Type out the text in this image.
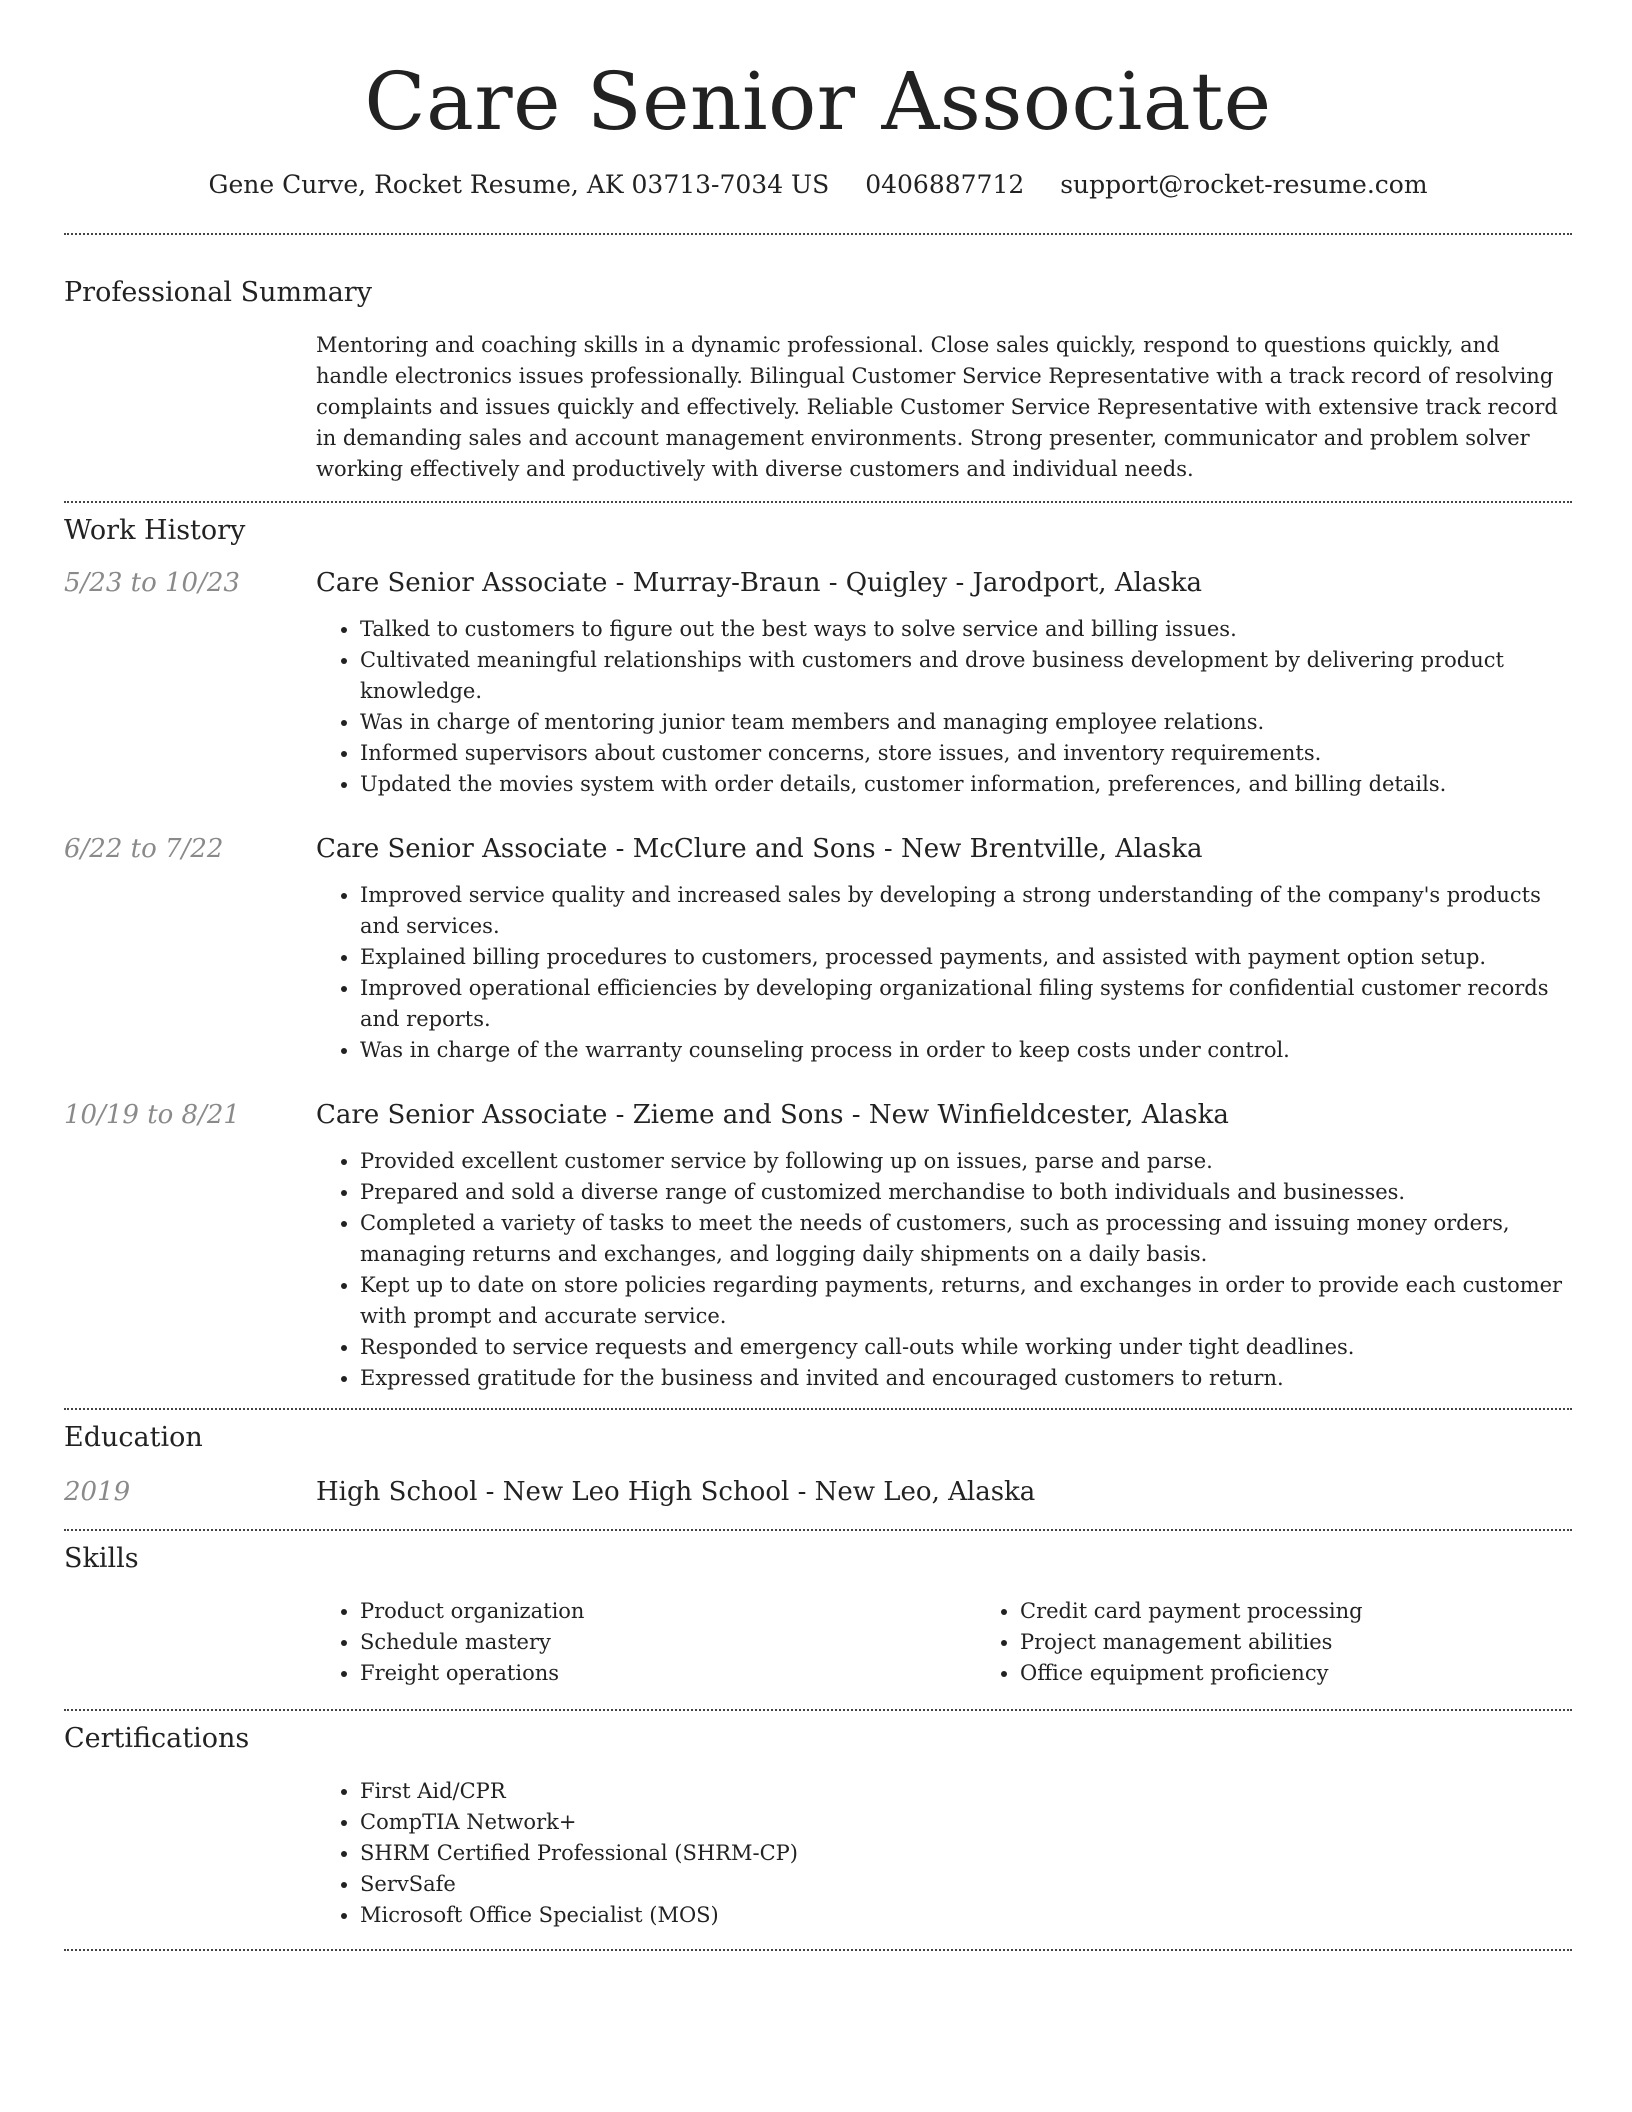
Care Senior Associate
Gene Curve, Rocket Resume, AK 03713-7034 US 0406887712 support@rocket-resume.com
Professional Summary
Mentoring and coaching skills in a dynamic professional. Close sales quickly, respond to questions quickly, and handle electronics issues professionally. Bilingual Customer Service Representative with a track record of resolving complaints and issues quickly and effectively. Reliable Customer Service Representative with extensive track record in demanding sales and account management environments. Strong presenter, communicator and problem solver working effectively and productively with diverse customers and individual needs.
Work History
5/23 to 10/23	Care Senior Associate - Murray-Braun - Quigley - Jarodport, Alaska
• Talked to customers to figure out the best ways to solve service and billing issues.
• Cultivated meaningful relationships with customers and drove business development by delivering product knowledge.
• Was in charge of mentoring junior team members and managing employee relations.
• Informed supervisors about customer concerns, store issues, and inventory requirements.
• Updated the movies system with order details, customer information, preferences, and billing details.
6/22 to 7/22	Care Senior Associate - McClure and Sons - New Brentville, Alaska
• Improved service quality and increased sales by developing a strong understanding of the company's products and services.
• Explained billing procedures to customers, processed payments, and assisted with payment option setup.
• Improved operational efficiencies by developing organizational filing systems for confidential customer records and reports.
• Was in charge of the warranty counseling process in order to keep costs under control.
10/19 to 8/21	Care Senior Associate - Zieme and Sons - New Winfieldcester, Alaska
• Provided excellent customer service by following up on issues, parse and parse.
• Prepared and sold a diverse range of customized merchandise to both individuals and businesses.
• Completed a variety of tasks to meet the needs of customers, such as processing and issuing money orders, managing returns and exchanges, and logging daily shipments on a daily basis.
• Kept up to date on store policies regarding payments, returns, and exchanges in order to provide each customer with prompt and accurate service.
• Responded to service requests and emergency call-outs while working under tight deadlines.
• Expressed gratitude for the business and invited and encouraged customers to return.
Education
2019	High School - New Leo High School - New Leo, Alaska
Skills
• Product organization
• Schedule mastery
• Freight operations
• Credit card payment processing
• Project management abilities
• Office equipment proficiency
Certifications
• First Aid/CPR
• CompTIA Network+
• SHRM Certified Professional (SHRM-CP)
• ServSafe
• Microsoft Office Specialist (MOS)
